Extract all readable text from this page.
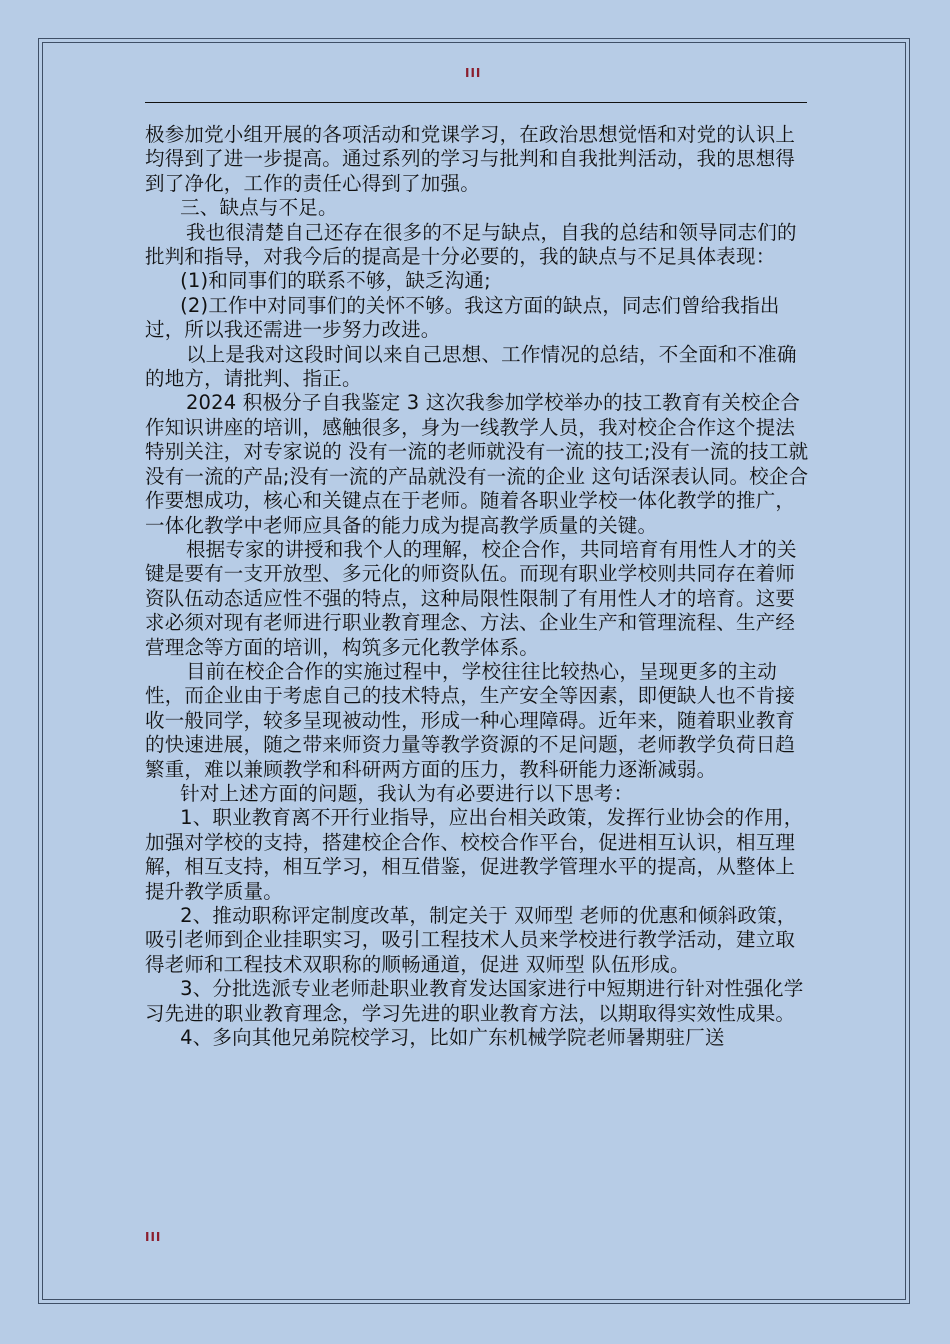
III

极参加党小组开展的各项活动和党课学习，在政治思想觉悟和对党的认识上均得到了进一步提高。通过系列的学习与批判和自我批判活动，我的思想得到了净化，工作的责任心得到了加强。

三、缺点与不足。

我也很清楚自己还存在很多的不足与缺点，自我的总结和领导同志们的批判和指导，对我今后的提高是十分必要的，我的缺点与不足具体表现：

(1)和同事们的联系不够，缺乏沟通;

(2)工作中对同事们的关怀不够。我这方面的缺点，同志们曾给我指出过，所以我还需进一步努力改进。

以上是我对这段时间以来自己思想、工作情况的总结，不全面和不准确的地方，请批判、指正。

2024 积极分子自我鉴定 3 这次我参加学校举办的技工教育有关校企合作知识讲座的培训，感触很多，身为一线教学人员，我对校企合作这个提法特别关注，对专家说的 没有一流的老师就没有一流的技工;没有一流的技工就没有一流的产品;没有一流的产品就没有一流的企业 这句话深表认同。校企合作要想成功，核心和关键点在于老师。随着各职业学校一体化教学的推广，一体化教学中老师应具备的能力成为提高教学质量的关键。

根据专家的讲授和我个人的理解，校企合作，共同培育有用性人才的关键是要有一支开放型、多元化的师资队伍。而现有职业学校则共同存在着师资队伍动态适应性不强的特点，这种局限性限制了有用性人才的培育。这要求必须对现有老师进行职业教育理念、方法、企业生产和管理流程、生产经营理念等方面的培训，构筑多元化教学体系。

目前在校企合作的实施过程中，学校往往比较热心，呈现更多的主动性，而企业由于考虑自己的技术特点，生产安全等因素，即便缺人也不肯接收一般同学，较多呈现被动性，形成一种心理障碍。近年来，随着职业教育的快速进展，随之带来师资力量等教学资源的不足问题，老师教学负荷日趋繁重，难以兼顾教学和科研两方面的压力，教科研能力逐渐减弱。

针对上述方面的问题，我认为有必要进行以下思考：

1、职业教育离不开行业指导，应出台相关政策，发挥行业协会的作用，加强对学校的支持，搭建校企合作、校校合作平台，促进相互认识，相互理解，相互支持，相互学习，相互借鉴，促进教学管理水平的提高，从整体上提升教学质量。

2、推动职称评定制度改革，制定关于 双师型 老师的优惠和倾斜政策，吸引老师到企业挂职实习，吸引工程技术人员来学校进行教学活动，建立取得老师和工程技术双职称的顺畅通道，促进 双师型 队伍形成。

3、分批选派专业老师赴职业教育发达国家进行中短期进行针对性强化学习先进的职业教育理念，学习先进的职业教育方法，以期取得实效性成果。

4、多向其他兄弟院校学习，比如广东机械学院老师暑期驻厂送

III
